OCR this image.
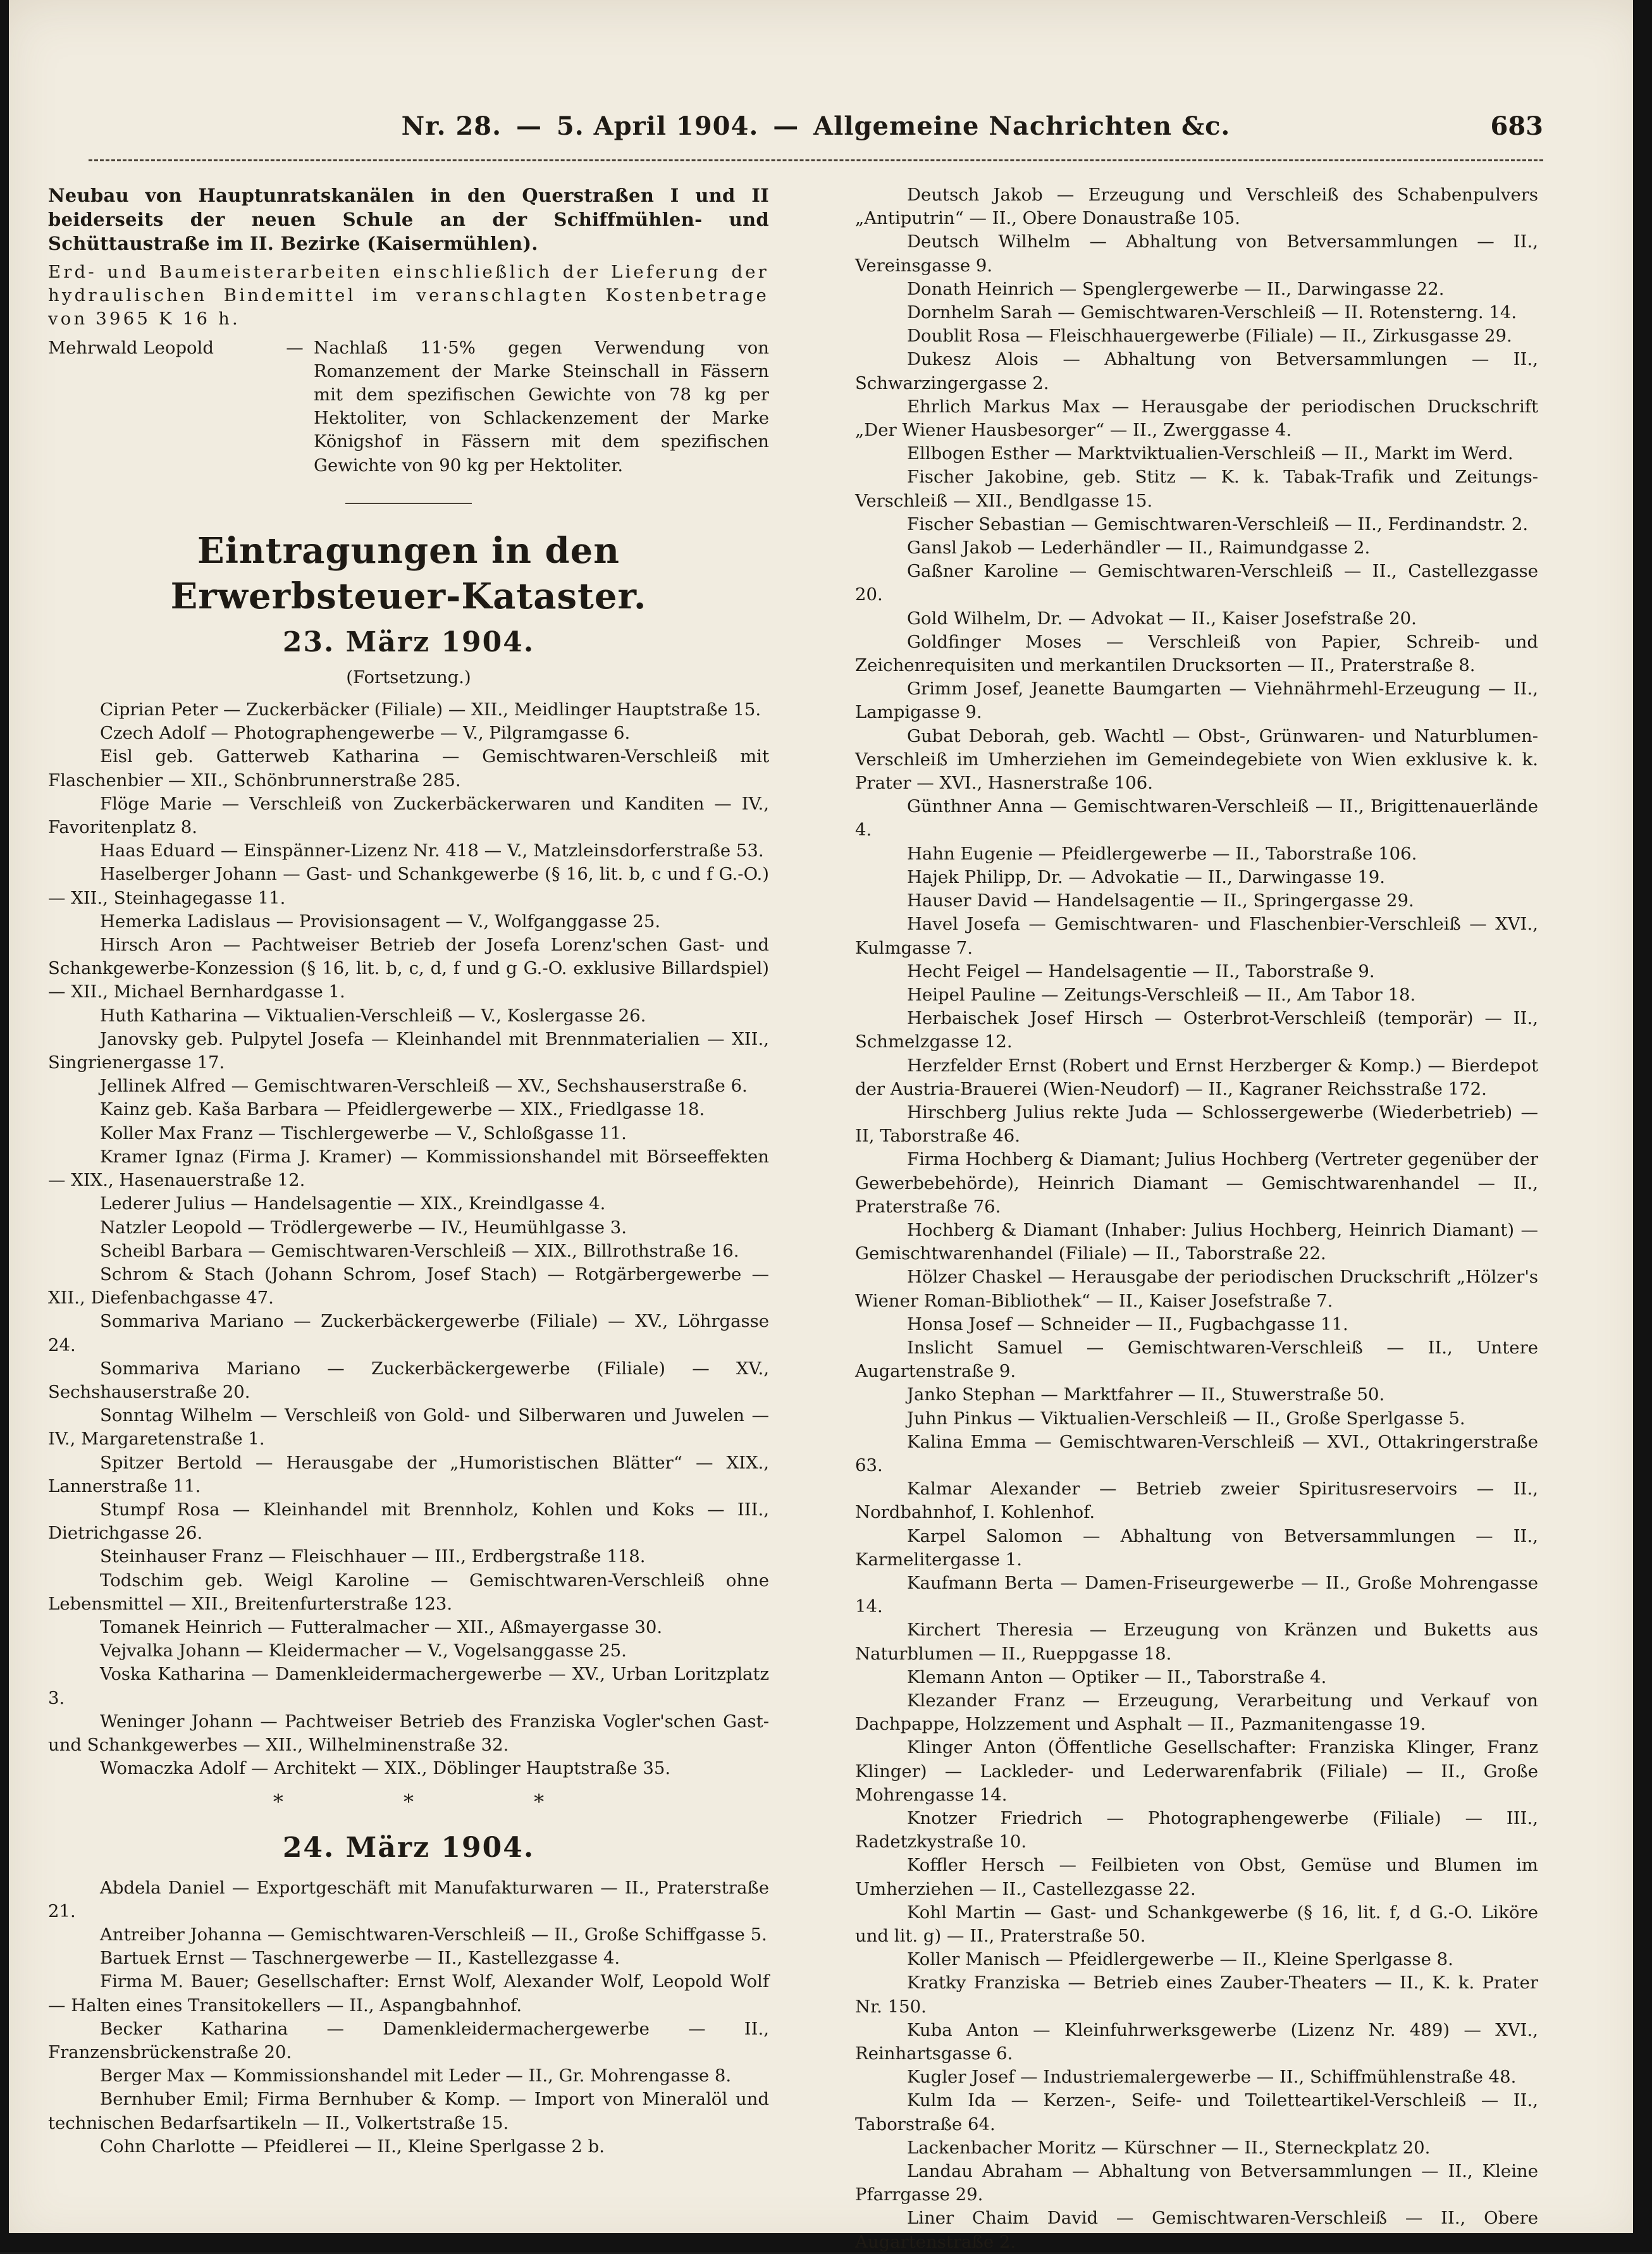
Nr. 28. — 5. April 1904. — Allgemeine Nachrichten &c.	683

Neubau von Hauptunratskanälen in den Querstraßen I und II beiderseits der neuen Schule an der Schiffmühlen- und Schüttaustraße im II. Bezirke (Kaisermühlen).

Erd- und Baumeisterarbeiten einschließlich der Lieferung der hydraulischen Bindemittel im veranschlagten Kostenbetrage von 3965 K 16 h.

Mehrwald Leopold	— Nachlaß 11·5% gegen Verwendung von Romanzement der Marke Steinschall in Fässern mit dem spezifischen Gewichte von 78 kg per Hektoliter, von Schlackenzement der Marke Königshof in Fässern mit dem spezifischen Gewichte von 90 kg per Hektoliter.
Eintragungen in den Erwerbsteuer-Kataster.
23. März 1904.
(Fortsetzung.)

Ciprian Peter — Zuckerbäcker (Filiale) — XII., Meidlinger Hauptstraße 15.

Czech Adolf — Photographengewerbe — V., Pilgramgasse 6.

Eisl geb. Gatterweb Katharina — Gemischtwaren-Verschleiß mit Flaschenbier — XII., Schönbrunnerstraße 285.

Flöge Marie — Verschleiß von Zuckerbäckerwaren und Kanditen — IV., Favoritenplatz 8.

Haas Eduard — Einspänner-Lizenz Nr. 418 — V., Matzleinsdorferstraße 53.

Haselberger Johann — Gast- und Schankgewerbe (§ 16, lit. b, c und f G.-O.) — XII., Steinhagegasse 11.

Hemerka Ladislaus — Provisionsagent — V., Wolfganggasse 25.

Hirsch Aron — Pachtweiser Betrieb der Josefa Lorenz'schen Gast- und Schankgewerbe-Konzession (§ 16, lit. b, c, d, f und g G.-O. exklusive Billardspiel) — XII., Michael Bernhardgasse 1.

Huth Katharina — Viktualien-Verschleiß — V., Koslergasse 26.

Janovsky geb. Pulpytel Josefa — Kleinhandel mit Brennmaterialien — XII., Singrienergasse 17.

Jellinek Alfred — Gemischtwaren-Verschleiß — XV., Sechshauserstraße 6.

Kainz geb. Kaša Barbara — Pfeidlergewerbe — XIX., Friedlgasse 18.

Koller Max Franz — Tischlergewerbe — V., Schloßgasse 11.

Kramer Ignaz (Firma J. Kramer) — Kommissionshandel mit Börseeffekten — XIX., Hasenauerstraße 12.

Lederer Julius — Handelsagentie — XIX., Kreindlgasse 4.

Natzler Leopold — Trödlergewerbe — IV., Heumühlgasse 3.

Scheibl Barbara — Gemischtwaren-Verschleiß — XIX., Billrothstraße 16.

Schrom & Stach (Johann Schrom, Josef Stach) — Rotgärbergewerbe — XII., Diefenbachgasse 47.

Sommariva Mariano — Zuckerbäckergewerbe (Filiale) — XV., Löhrgasse 24.

Sommariva Mariano — Zuckerbäckergewerbe (Filiale) — XV., Sechshauserstraße 20.

Sonntag Wilhelm — Verschleiß von Gold- und Silberwaren und Juwelen — IV., Margaretenstraße 1.

Spitzer Bertold — Herausgabe der „Humoristischen Blätter“ — XIX., Lannerstraße 11.

Stumpf Rosa — Kleinhandel mit Brennholz, Kohlen und Koks — III., Dietrichgasse 26.

Steinhauser Franz — Fleischhauer — III., Erdbergstraße 118.

Todschim geb. Weigl Karoline — Gemischtwaren-Verschleiß ohne Lebensmittel — XII., Breitenfurterstraße 123.

Tomanek Heinrich — Futteralmacher — XII., Aßmayergasse 30.

Vejvalka Johann — Kleidermacher — V., Vogelsanggasse 25.

Voska Katharina — Damenkleidermachergewerbe — XV., Urban Loritzplatz 3.

Weninger Johann — Pachtweiser Betrieb des Franziska Vogler'schen Gast- und Schankgewerbes — XII., Wilhelminenstraße 32.

Womaczka Adolf — Architekt — XIX., Döblinger Hauptstraße 35.

* * *
24. März 1904.

Abdela Daniel — Exportgeschäft mit Manufakturwaren — II., Praterstraße 21.

Antreiber Johanna — Gemischtwaren-Verschleiß — II., Große Schiffgasse 5.

Bartuek Ernst — Taschnergewerbe — II., Kastellezgasse 4.

Firma M. Bauer; Gesellschafter: Ernst Wolf, Alexander Wolf, Leopold Wolf — Halten eines Transitokellers — II., Aspangbahnhof.

Becker Katharina — Damenkleidermachergewerbe — II., Franzensbrückenstraße 20.

Berger Max — Kommissionshandel mit Leder — II., Gr. Mohrengasse 8.

Bernhuber Emil; Firma Bernhuber & Komp. — Import von Mineralöl und technischen Bedarfsartikeln — II., Volkertstraße 15.

Cohn Charlotte — Pfeidlerei — II., Kleine Sperlgasse 2 b.

Deutsch Jakob — Erzeugung und Verschleiß des Schabenpulvers „Antiputrin“ — II., Obere Donaustraße 105.

Deutsch Wilhelm — Abhaltung von Betversammlungen — II., Vereinsgasse 9.

Donath Heinrich — Spenglergewerbe — II., Darwingasse 22.

Dornhelm Sarah — Gemischtwaren-Verschleiß — II. Rotensterng. 14.

Doublit Rosa — Fleischhauergewerbe (Filiale) — II., Zirkusgasse 29.

Dukesz Alois — Abhaltung von Betversammlungen — II., Schwarzingergasse 2.

Ehrlich Markus Max — Herausgabe der periodischen Druckschrift „Der Wiener Hausbesorger“ — II., Zwerggasse 4.

Ellbogen Esther — Marktviktualien-Verschleiß — II., Markt im Werd.

Fischer Jakobine, geb. Stitz — K. k. Tabak-Trafik und Zeitungs-Verschleiß — XII., Bendlgasse 15.

Fischer Sebastian — Gemischtwaren-Verschleiß — II., Ferdinandstr. 2.

Gansl Jakob — Lederhändler — II., Raimundgasse 2.

Gaßner Karoline — Gemischtwaren-Verschleiß — II., Castellezgasse 20.

Gold Wilhelm, Dr. — Advokat — II., Kaiser Josefstraße 20.

Goldfinger Moses — Verschleiß von Papier, Schreib- und Zeichenrequisiten und merkantilen Drucksorten — II., Praterstraße 8.

Grimm Josef, Jeanette Baumgarten — Viehnährmehl-Erzeugung — II., Lampigasse 9.

Gubat Deborah, geb. Wachtl — Obst-, Grünwaren- und Naturblumen-Verschleiß im Umherziehen im Gemeindegebiete von Wien exklusive k. k. Prater — XVI., Hasnerstraße 106.

Günthner Anna — Gemischtwaren-Verschleiß — II., Brigittenauerlände 4.

Hahn Eugenie — Pfeidlergewerbe — II., Taborstraße 106.

Hajek Philipp, Dr. — Advokatie — II., Darwingasse 19.

Hauser David — Handelsagentie — II., Springergasse 29.

Havel Josefa — Gemischtwaren- und Flaschenbier-Verschleiß — XVI., Kulmgasse 7.

Hecht Feigel — Handelsagentie — II., Taborstraße 9.

Heipel Pauline — Zeitungs-Verschleiß — II., Am Tabor 18.

Herbaischek Josef Hirsch — Osterbrot-Verschleiß (temporär) — II., Schmelzgasse 12.

Herzfelder Ernst (Robert und Ernst Herzberger & Komp.) — Bierdepot der Austria-Brauerei (Wien-Neudorf) — II., Kagraner Reichsstraße 172.

Hirschberg Julius rekte Juda — Schlossergewerbe (Wiederbetrieb) — II, Taborstraße 46.

Firma Hochberg & Diamant; Julius Hochberg (Vertreter gegenüber der Gewerbebehörde), Heinrich Diamant — Gemischtwarenhandel — II., Praterstraße 76.

Hochberg & Diamant (Inhaber: Julius Hochberg, Heinrich Diamant) — Gemischtwarenhandel (Filiale) — II., Taborstraße 22.

Hölzer Chaskel — Herausgabe der periodischen Druckschrift „Hölzer's Wiener Roman-Bibliothek“ — II., Kaiser Josefstraße 7.

Honsa Josef — Schneider — II., Fugbachgasse 11.

Inslicht Samuel — Gemischtwaren-Verschleiß — II., Untere Augartenstraße 9.

Janko Stephan — Marktfahrer — II., Stuwerstraße 50.

Juhn Pinkus — Viktualien-Verschleiß — II., Große Sperlgasse 5.

Kalina Emma — Gemischtwaren-Verschleiß — XVI., Ottakringerstraße 63.

Kalmar Alexander — Betrieb zweier Spiritusreservoirs — II., Nordbahnhof, I. Kohlenhof.

Karpel Salomon — Abhaltung von Betversammlungen — II., Karmelitergasse 1.

Kaufmann Berta — Damen-Friseurgewerbe — II., Große Mohrengasse 14.

Kirchert Theresia — Erzeugung von Kränzen und Buketts aus Naturblumen — II., Rueppgasse 18.

Klemann Anton — Optiker — II., Taborstraße 4.

Klezander Franz — Erzeugung, Verarbeitung und Verkauf von Dachpappe, Holzzement und Asphalt — II., Pazmanitengasse 19.

Klinger Anton (Öffentliche Gesellschafter: Franziska Klinger, Franz Klinger) — Lackleder- und Lederwarenfabrik (Filiale) — II., Große Mohrengasse 14.

Knotzer Friedrich — Photographengewerbe (Filiale) — III., Radetzkystraße 10.

Koffler Hersch — Feilbieten von Obst, Gemüse und Blumen im Umherziehen — II., Castellezgasse 22.

Kohl Martin — Gast- und Schankgewerbe (§ 16, lit. f, d G.-O. Liköre und lit. g) — II., Praterstraße 50.

Koller Manisch — Pfeidlergewerbe — II., Kleine Sperlgasse 8.

Kratky Franziska — Betrieb eines Zauber-Theaters — II., K. k. Prater Nr. 150.

Kuba Anton — Kleinfuhrwerksgewerbe (Lizenz Nr. 489) — XVI., Reinhartsgasse 6.

Kugler Josef — Industriemalergewerbe — II., Schiffmühlenstraße 48.

Kulm Ida — Kerzen-, Seife- und Toiletteartikel-Verschleiß — II., Taborstraße 64.

Lackenbacher Moritz — Kürschner — II., Sterneckplatz 20.

Landau Abraham — Abhaltung von Betversammlungen — II., Kleine Pfarrgasse 29.

Liner Chaim David — Gemischtwaren-Verschleiß — II., Obere Augartenstraße 2.
